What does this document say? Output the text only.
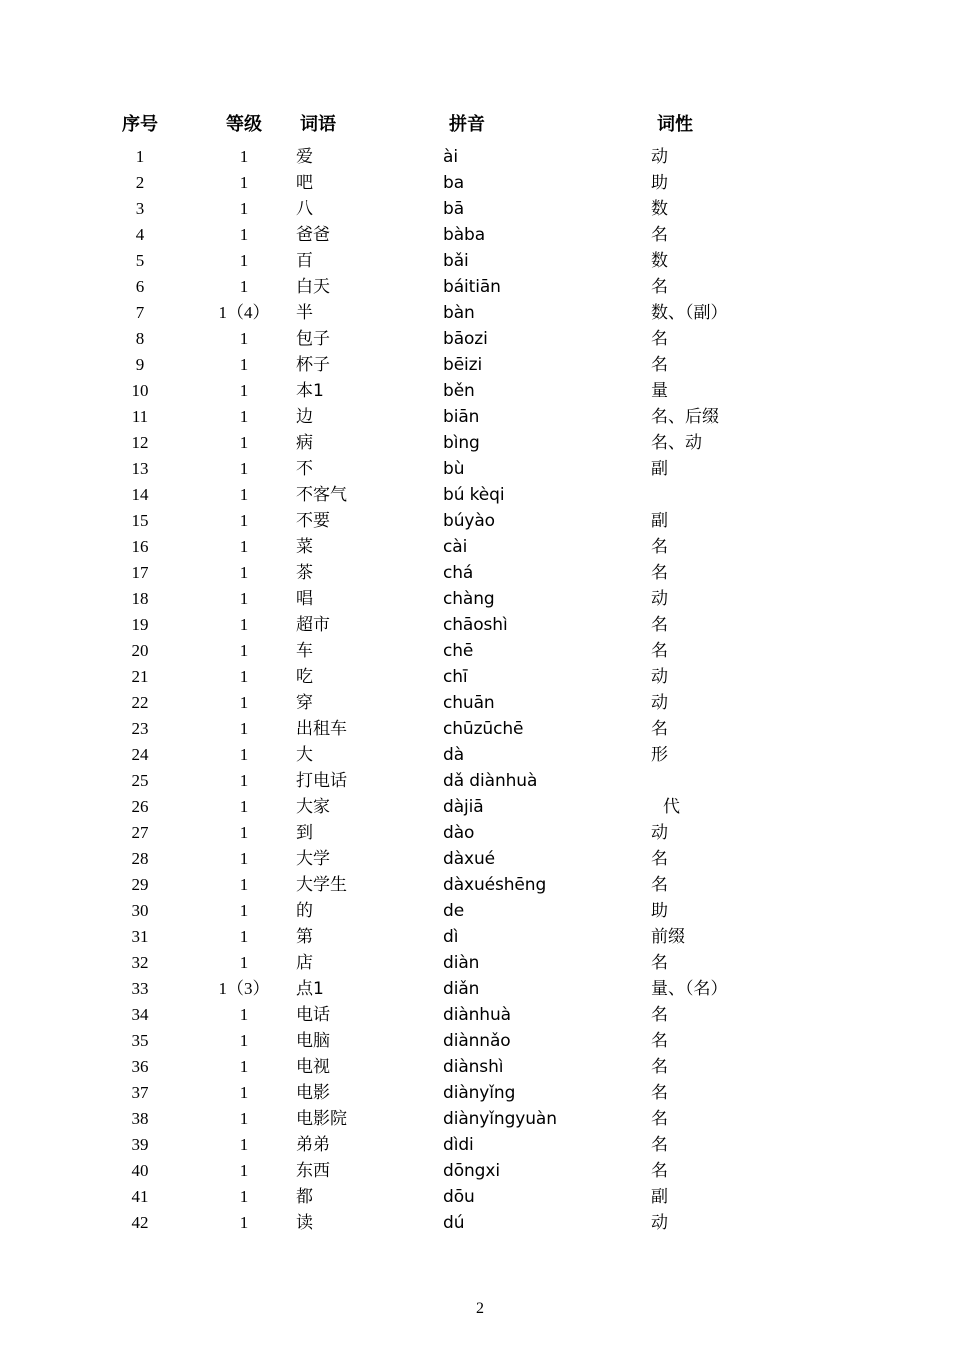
序号	等级	词语	拼音	词性
1	1	爱	ài	动
2	1	吧	ba	助
3	1	八	bā	数
4	1	爸爸	bàba	名
5	1	百	bǎi	数
6	1	白天	báitiān	名
7	1（4）	半	bàn	数、（副）
8	1	包子	bāozi	名
9	1	杯子	bēizi	名
10	1	本1	běn	量
11	1	边	biān	名、后缀
12	1	病	bìng	名、动
13	1	不	bù	副
14	1	不客气	bú kèqi	
15	1	不要	búyào	副
16	1	菜	cài	名
17	1	茶	chá	名
18	1	唱	chàng	动
19	1	超市	chāoshì	名
20	1	车	chē	名
21	1	吃	chī	动
22	1	穿	chuān	动
23	1	出租车	chūzūchē	名
24	1	大	dà	形
25	1	打电话	dǎ diànhuà	
26	1	大家	dàjiā	代
27	1	到	dào	动
28	1	大学	dàxué	名
29	1	大学生	dàxuéshēng	名
30	1	的	de	助
31	1	第	dì	前缀
32	1	店	diàn	名
33	1（3）	点1	diǎn	量、（名）
34	1	电话	diànhuà	名
35	1	电脑	diànnǎo	名
36	1	电视	diànshì	名
37	1	电影	diànyǐng	名
38	1	电影院	diànyǐngyuàn	名
39	1	弟弟	dìdi	名
40	1	东西	dōngxi	名
41	1	都	dōu	副
42	1	读	dú	动
2
